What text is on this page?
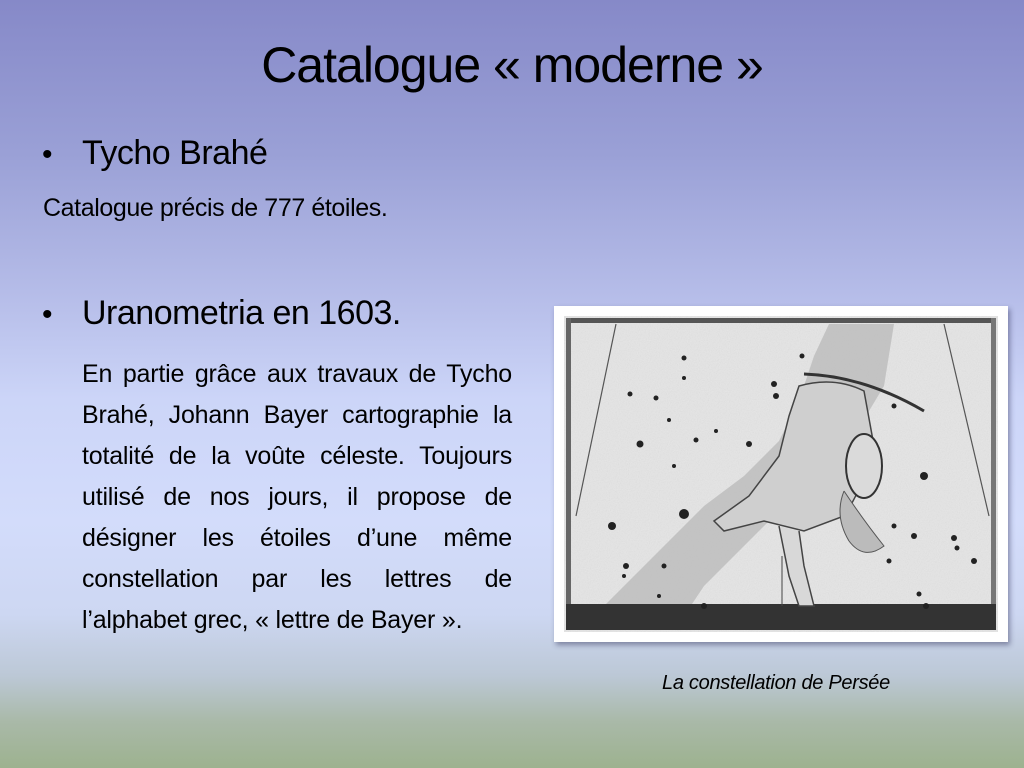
Catalogue « moderne »
• Tycho Brahé
Catalogue précis de 777 étoiles.
• Uranometria en 1603.
En partie grâce aux travaux de Tycho Brahé, Johann Bayer cartographie la totalité de la voûte céleste. Toujours utilisé de nos jours, il propose de désigner les étoiles d’une même constellation par les lettres de l’alphabet grec, « lettre de Bayer ».
La constellation de Persée
